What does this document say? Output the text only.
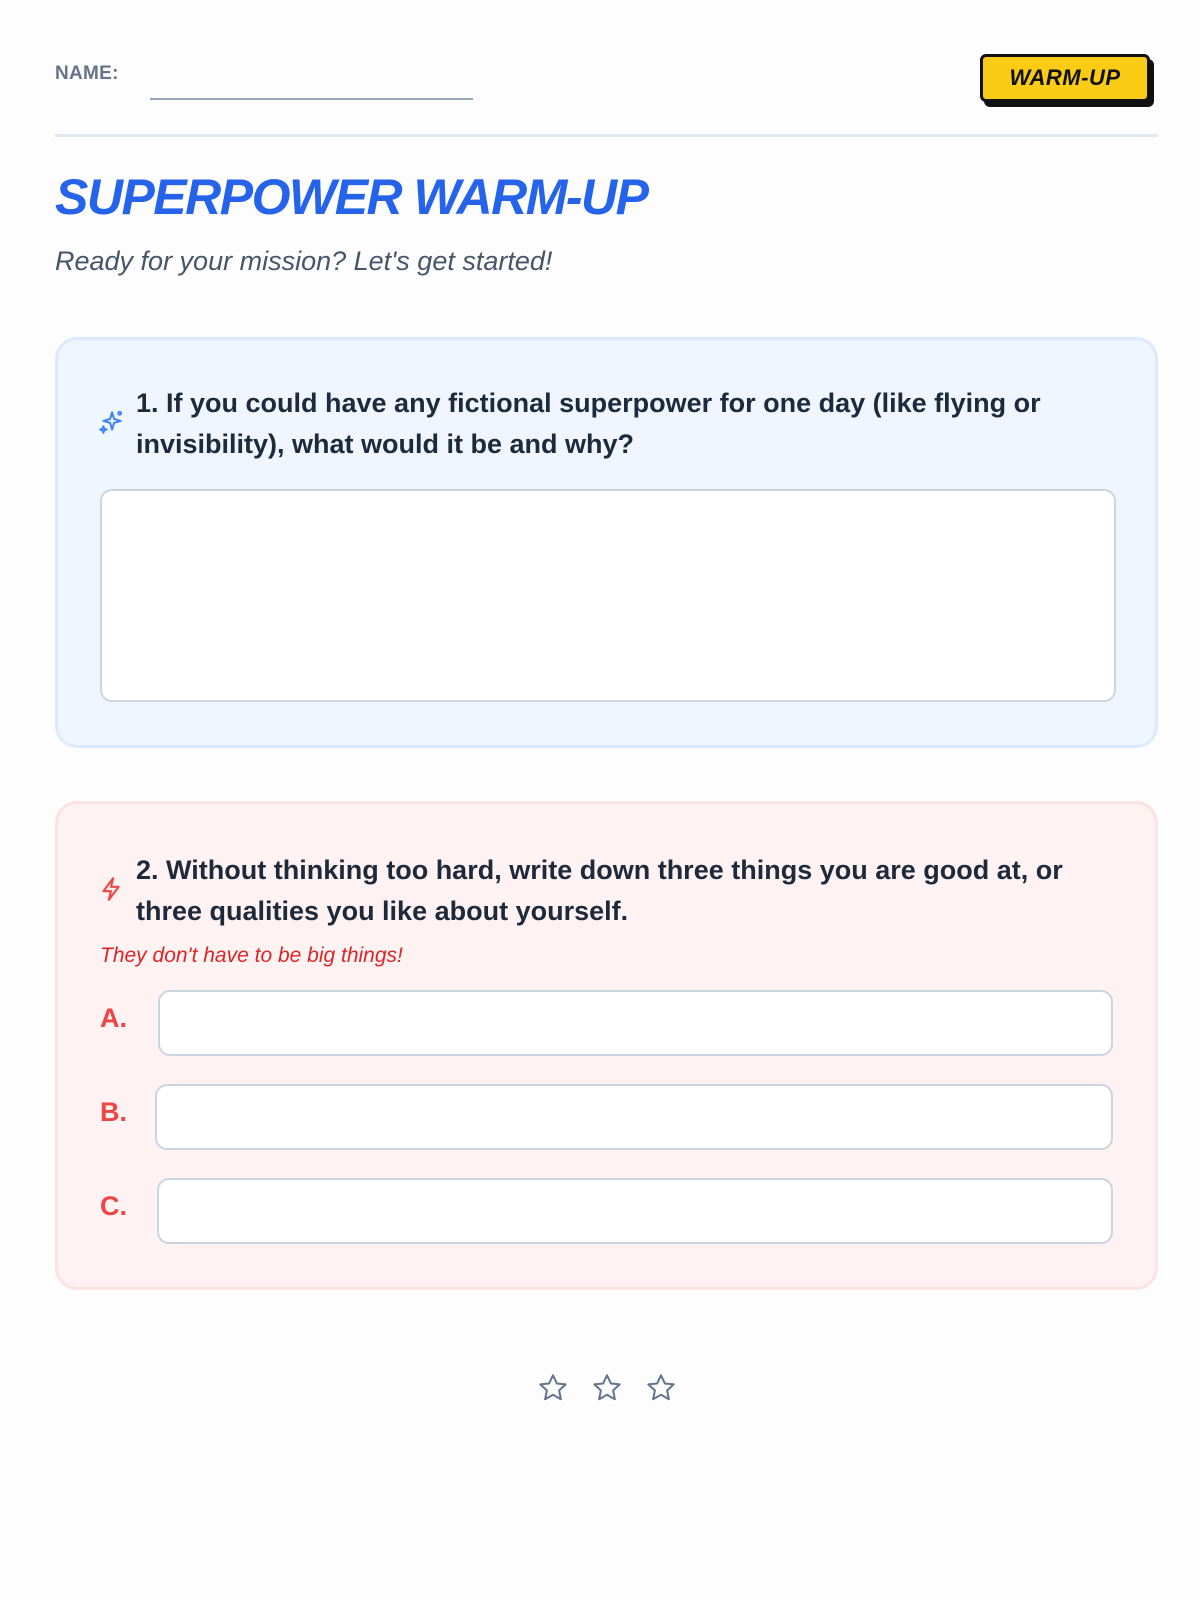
NAME:	WARM-UP
SUPERPOWER WARM-UP
Ready for your mission? Let's get started!
1. If you could have any fictional superpower for one day (like flying or invisibility), what would it be and why?
2. Without thinking too hard, write down three things you are good at, or three qualities you like about yourself.
They don't have to be big things!
A.
B.
C.
